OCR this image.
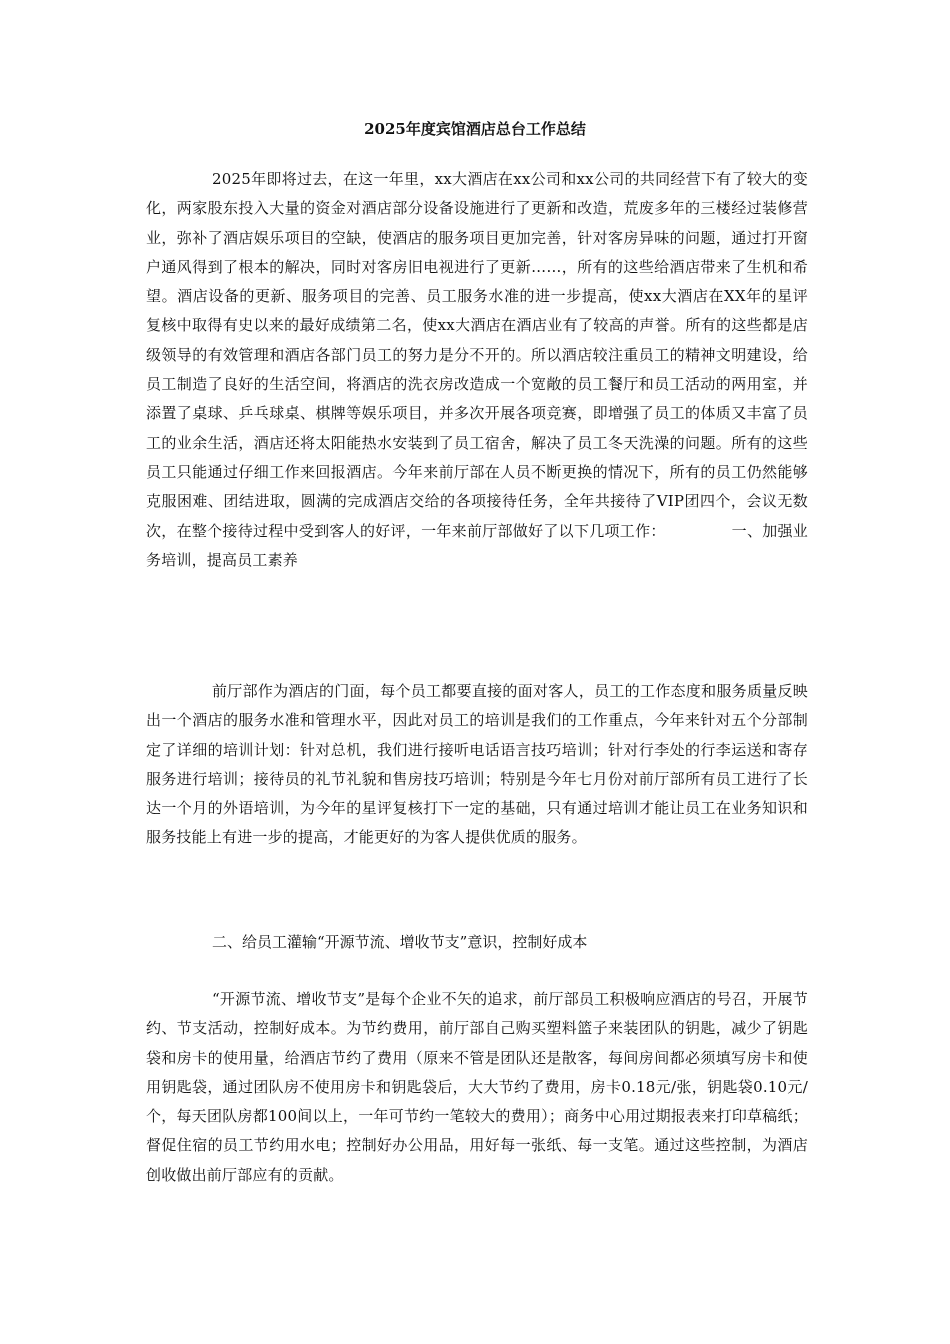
2025年度宾馆酒店总台工作总结
2025年即将过去，在这一年里，xx大酒店在xx公司和xx公司的共同经营下有了较大的变化，两家股东投入大量的资金对酒店部分设备设施进行了更新和改造，荒废多年的三楼经过装修营业，弥补了酒店娱乐项目的空缺，使酒店的服务项目更加完善，针对客房异味的问题，通过打开窗户通风得到了根本的解决，同时对客房旧电视进行了更新……，所有的这些给酒店带来了生机和希望。酒店设备的更新、服务项目的完善、员工服务水准的进一步提高，使xx大酒店在XX年的星评复核中取得有史以来的最好成绩第二名，使xx大酒店在酒店业有了较高的声誉。所有的这些都是店级领导的有效管理和酒店各部门员工的努力是分不开的。所以酒店较注重员工的精神文明建设，给员工制造了良好的生活空间，将酒店的洗衣房改造成一个宽敞的员工餐厅和员工活动的两用室，并添置了桌球、乒乓球桌、棋牌等娱乐项目，并多次开展各项竞赛，即增强了员工的体质又丰富了员工的业余生活，酒店还将太阳能热水安装到了员工宿舍，解决了员工冬天洗澡的问题。所有的这些员工只能通过仔细工作来回报酒店。今年来前厅部在人员不断更换的情况下，所有的员工仍然能够克服困难、团结进取，圆满的完成酒店交给的各项接待任务，全年共接待了VIP团四个，会议无数次，在整个接待过程中受到客人的好评，一年来前厅部做好了以下几项工作：	一、加强业务培训，提高员工素养
前厅部作为酒店的门面，每个员工都要直接的面对客人，员工的工作态度和服务质量反映出一个酒店的服务水准和管理水平，因此对员工的培训是我们的工作重点，今年来针对五个分部制定了详细的培训计划：针对总机，我们进行接听电话语言技巧培训；针对行李处的行李运送和寄存服务进行培训；接待员的礼节礼貌和售房技巧培训；特别是今年七月份对前厅部所有员工进行了长达一个月的外语培训，为今年的星评复核打下一定的基础，只有通过培训才能让员工在业务知识和服务技能上有进一步的提高，才能更好的为客人提供优质的服务。
二、给员工灌输“开源节流、增收节支”意识，控制好成本
“开源节流、增收节支”是每个企业不矢的追求，前厅部员工积极响应酒店的号召，开展节约、节支活动，控制好成本。为节约费用，前厅部自己购买塑料篮子来装团队的钥匙，减少了钥匙袋和房卡的使用量，给酒店节约了费用（原来不管是团队还是散客，每间房间都必须填写房卡和使用钥匙袋，通过团队房不使用房卡和钥匙袋后，大大节约了费用，房卡0.18元/张，钥匙袋0.10元/个，每天团队房都100间以上，一年可节约一笔较大的费用）；商务中心用过期报表来打印草稿纸；督促住宿的员工节约用水电；控制好办公用品，用好每一张纸、每一支笔。通过这些控制，为酒店创收做出前厅部应有的贡献。
